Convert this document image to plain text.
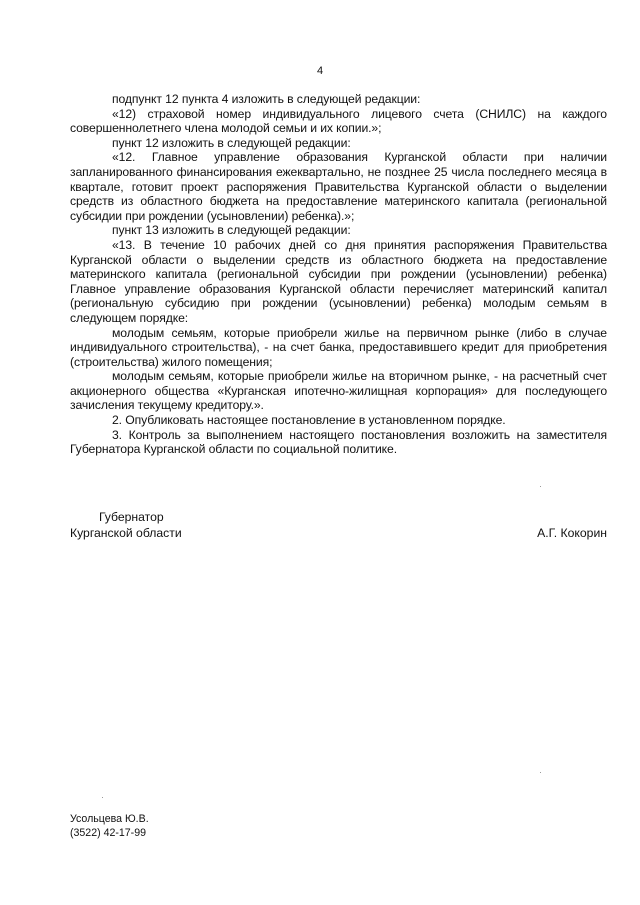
4

подпункт 12 пункта 4 изложить в следующей редакции:

«12) страховой номер индивидуального лицевого счета (СНИЛС) на каждого совершеннолетнего члена молодой семьи и их копии.»;

пункт 12 изложить в следующей редакции:

«12. Главное управление образования Курганской области при наличии запланированного финансирования ежеквартально, не позднее 25 числа последнего месяца в квартале, готовит проект распоряжения Правительства Курганской области о выделении средств из областного бюджета на предоставление материнского капитала (региональной субсидии при рождении (усыновлении) ребенка).»;

пункт 13 изложить в следующей редакции:

«13. В течение 10 рабочих дней со дня принятия распоряжения Правительства Курганской области о выделении средств из областного бюджета на предоставление материнского капитала (региональной субсидии при рождении (усыновлении) ребенка) Главное управление образования Курганской области перечисляет материнский капитал (региональную субсидию при рождении (усыновлении) ребенка) молодым семьям в следующем порядке:

молодым семьям, которые приобрели жилье на первичном рынке (либо в случае индивидуального строительства), - на счет банка, предоставившего кредит для приобретения (строительства) жилого помещения;

молодым семьям, которые приобрели жилье на вторичном рынке, - на расчетный счет акционерного общества «Курганская ипотечно-жилищная корпорация» для последующего зачисления текущему кредитору.».

2. Опубликовать настоящее постановление в установленном порядке.

3. Контроль за выполнением настоящего постановления возложить на заместителя Губернатора Курганской области по социальной политике.

Губернатор
Курганской области	А.Г. Кокорин
Усольцева Ю.В.
(3522) 42-17-99
